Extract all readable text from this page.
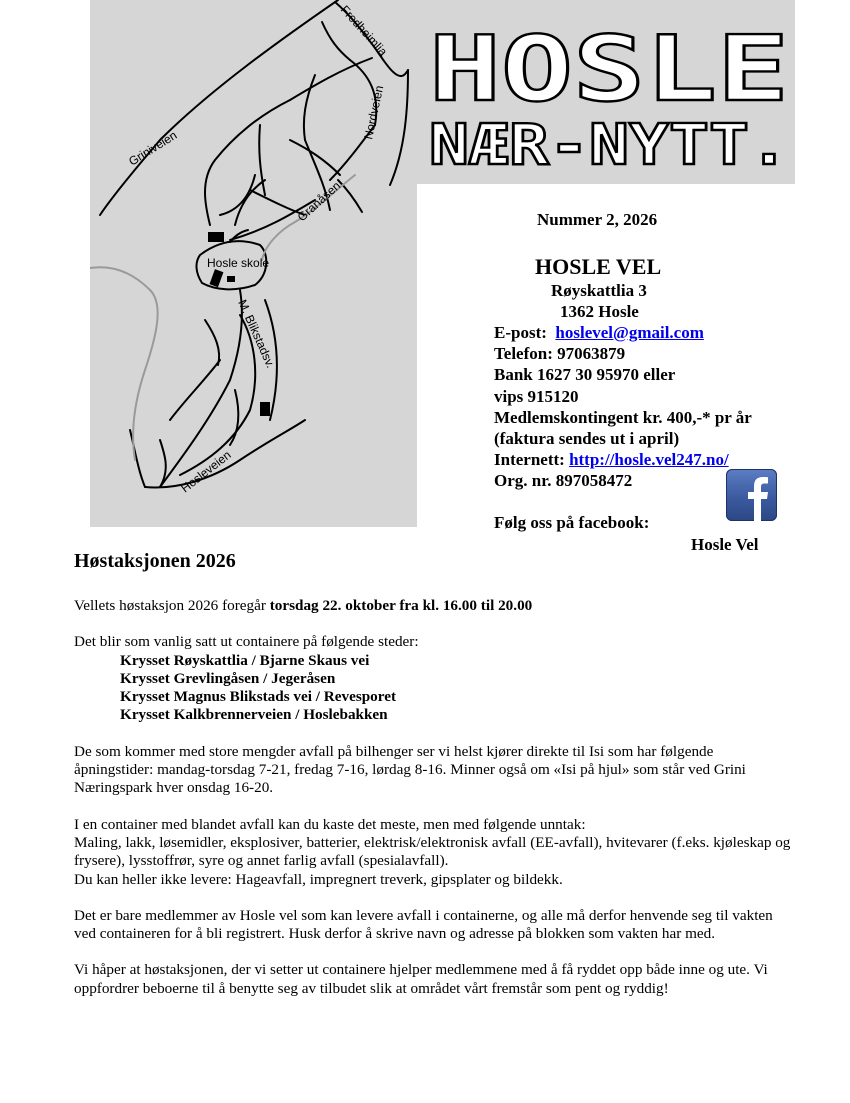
Fredheimlia
Nordveien
Griniveien
Granåsen
Hosle skole
M. Blikstadsv.
Hosleveien
HOSLE
NÆR-NYTT.
Nummer 2, 2026
HOSLE VEL
Røyskattlia 3
1362 Hosle
E-post: hoslevel@gmail.com
Telefon: 97063879
Bank 1627 30 95970 eller
vips 915120
Medlemskontingent kr. 400,-* pr år
(faktura sendes ut i april)
Internett: http://hosle.vel247.no/
Org. nr. 897058472
Følg oss på facebook:
Hosle Vel
Høstaksjonen 2026

Vellets høstaksjon 2026 foregår torsdag 22. oktober fra kl. 16.00 til 20.00

Det blir som vanlig satt ut containere på følgende steder:
Krysset Røyskattlia / Bjarne Skaus vei
Krysset Grevlingåsen / Jegeråsen
Krysset Magnus Blikstads vei / Revesporet
Krysset Kalkbrennerveien / Hoslebakken

De som kommer med store mengder avfall på bilhenger ser vi helst kjører direkte til Isi som har følgende åpningstider: mandag-torsdag 7-21, fredag 7-16, lørdag 8-16. Minner også om «Isi på hjul» som står ved Grini Næringspark hver onsdag 16-20.

I en container med blandet avfall kan du kaste det meste, men med følgende unntak:
Maling, lakk, løsemidler, eksplosiver, batterier, elektrisk/elektronisk avfall (EE-avfall), hvitevarer (f.eks. kjøleskap og frysere), lysstoffrør, syre og annet farlig avfall (spesialavfall).
Du kan heller ikke levere: Hageavfall, impregnert treverk, gipsplater og bildekk.

Det er bare medlemmer av Hosle vel som kan levere avfall i containerne, og alle må derfor henvende seg til vakten ved containeren for å bli registrert. Husk derfor å skrive navn og adresse på blokken som vakten har med.

Vi håper at høstaksjonen, der vi setter ut containere hjelper medlemmene med å få ryddet opp både inne og ute. Vi oppfordrer beboerne til å benytte seg av tilbudet slik at området vårt fremstår som pent og ryddig!
